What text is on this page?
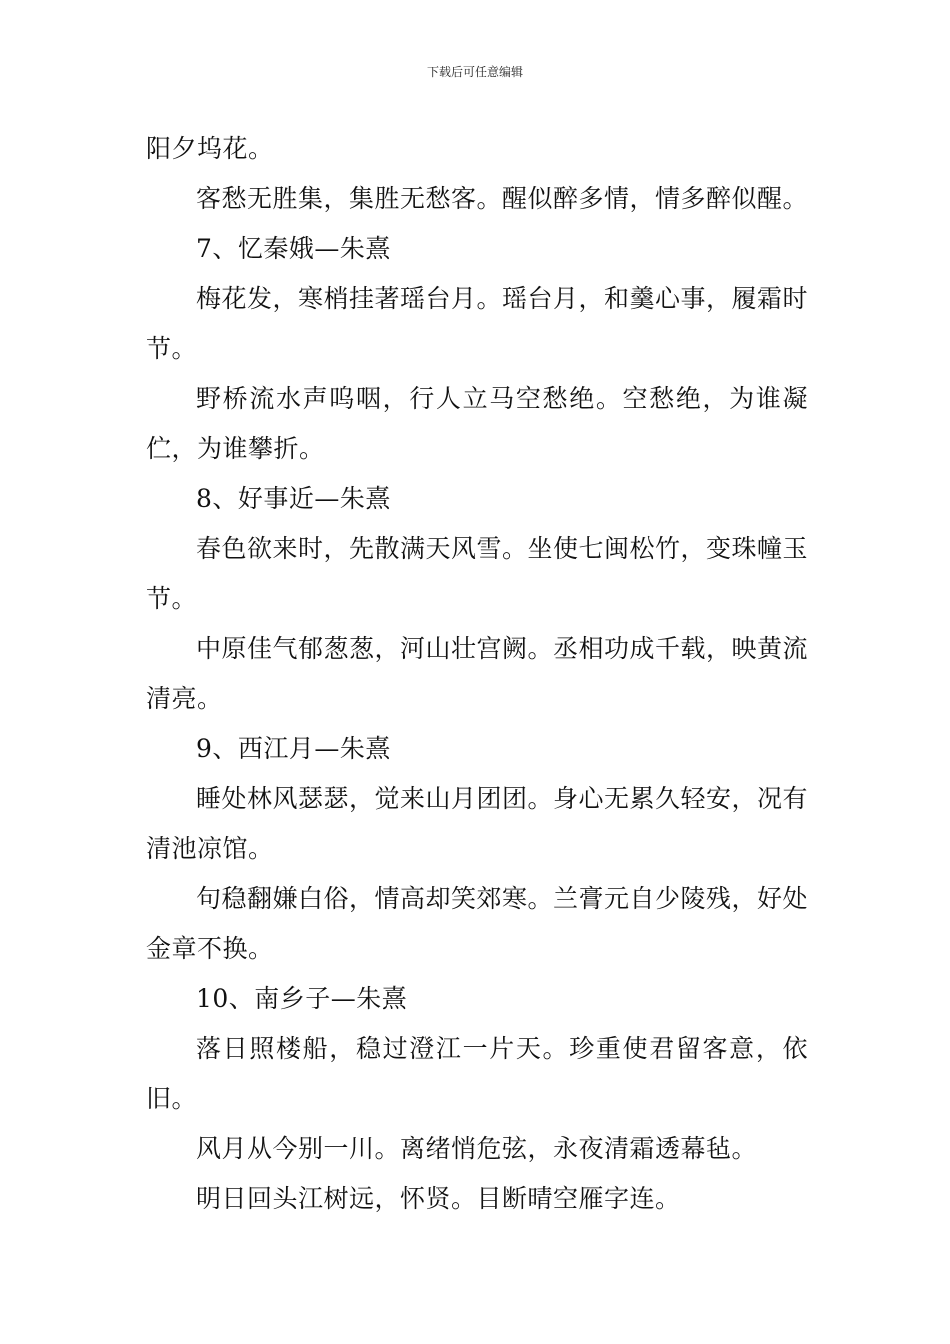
下载后可任意编辑

阳夕坞花。

客愁无胜集，集胜无愁客。醒似醉多情，情多醉似醒。

7、忆秦娥—朱熹

梅花发，寒梢挂著瑶台月。瑶台月，和羹心事，履霜时节。

野桥流水声呜咽，行人立马空愁绝。空愁绝，为谁凝伫，为谁攀折。

8、好事近—朱熹

春色欲来时，先散满天风雪。坐使七闽松竹，变珠幢玉节。

中原佳气郁葱葱，河山壮宫阙。丞相功成千载，映黄流清亮。

9、西江月—朱熹

睡处林风瑟瑟，觉来山月团团。身心无累久轻安，况有清池凉馆。

句稳翻嫌白俗，情高却笑郊寒。兰膏元自少陵残，好处金章不换。

10、南乡子—朱熹

落日照楼船，稳过澄江一片天。珍重使君留客意，依旧。

风月从今别一川。离绪悄危弦，永夜清霜透幕毡。

明日回头江树远，怀贤。目断晴空雁字连。
